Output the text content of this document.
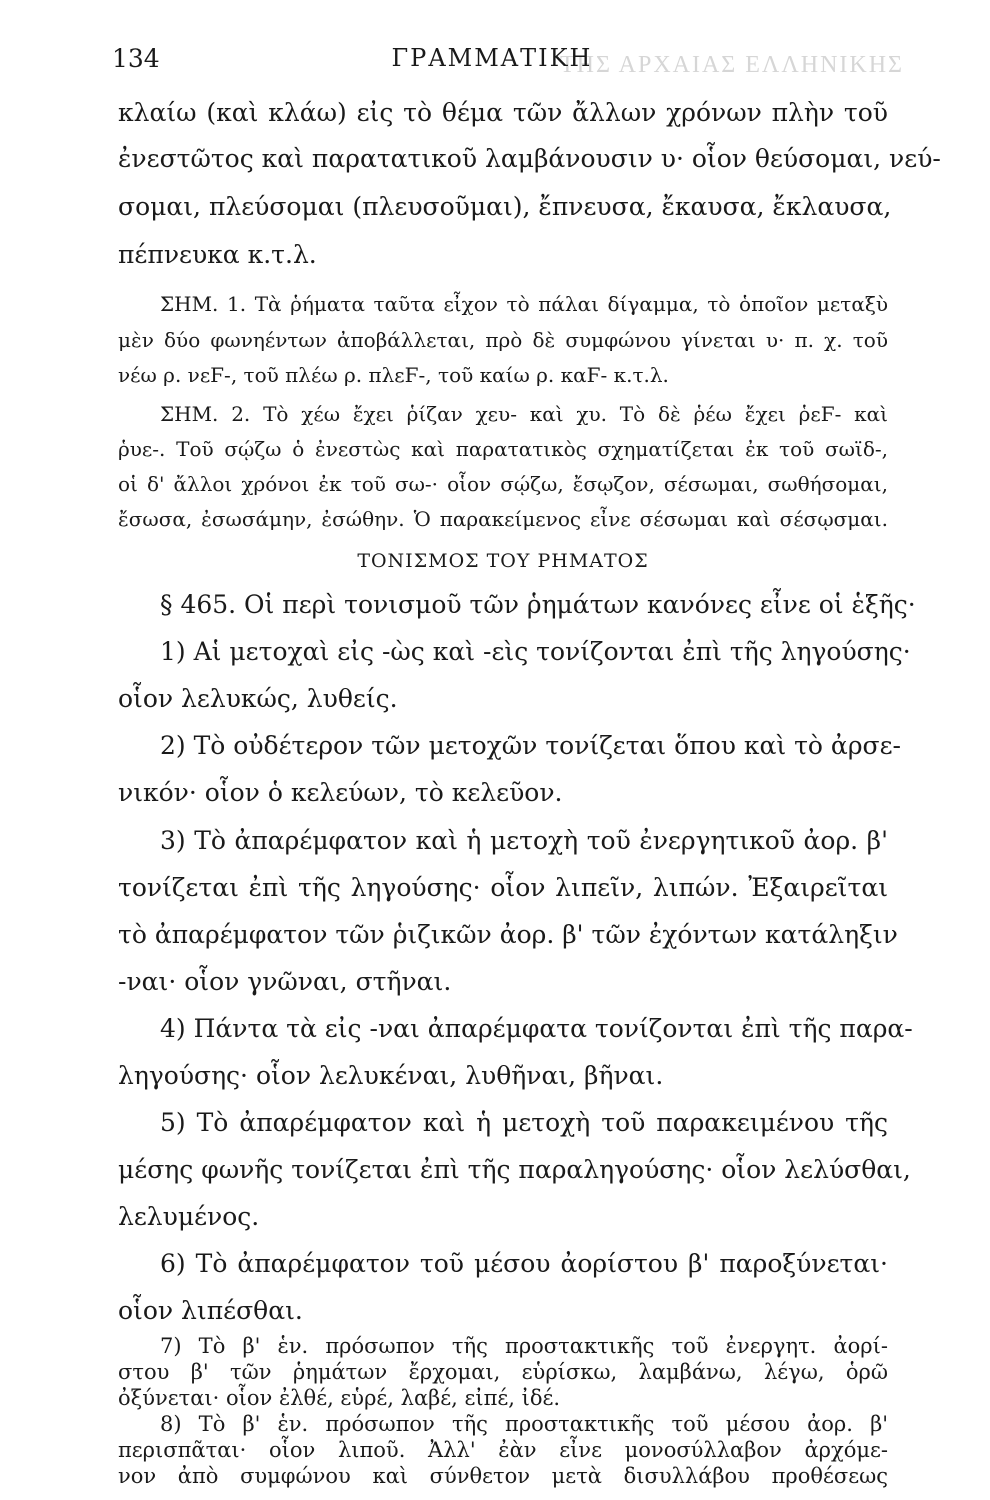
ΤΗΣ ΑΡΧΑΙΑΣ ΕΛΛΗΝΙΚΗΣ
134	ΓΡΑΜΜΑΤΙΚΗ
κλαίω (καὶ κλάω) εἰς τὸ θέμα τῶν ἄλλων χρόνων πλὴν τοῦ
ἐνεστῶτος καὶ παρατατικοῦ λαμβάνουσιν υ· οἷον θεύσομαι, νεύ-
σομαι, πλεύσομαι (πλευσοῦμαι), ἔπνευσα, ἔκαυσα, ἔκλαυσα,
πέπνευκα κ.τ.λ.
ΣΗΜ. 1. Τὰ ῥήματα ταῦτα εἶχον τὸ πάλαι δίγαμμα, τὸ ὁποῖον μεταξὺ
μὲν δύο φωνηέντων ἀποβάλλεται, πρὸ δὲ συμφώνου γίνεται υ· π. χ. τοῦ
νέω ρ. νεϜ-, τοῦ πλέω ρ. πλεϜ-, τοῦ καίω ρ. καϜ- κ.τ.λ.
ΣΗΜ. 2. Τὸ χέω ἔχει ῥίζαν χευ- καὶ χυ. Τὸ δὲ ῥέω ἔχει ῥεϜ- καὶ
ῥυε-. Τοῦ σῴζω ὁ ἐνεστὼς καὶ παρατατικὸς σχηματίζεται ἐκ τοῦ σωϊδ-,
οἱ δ' ἄλλοι χρόνοι ἐκ τοῦ σω-· οἷον σῴζω, ἔσῳζον, σέσωμαι, σωθήσομαι,
ἔσωσα, ἐσωσάμην, ἐσώθην. Ὁ παρακείμενος εἶνε σέσωμαι καὶ σέσῳσμαι.
ΤΟΝΙΣΜΟΣ ΤΟΥ ΡΗΜΑΤΟΣ
§ 465. Οἱ περὶ τονισμοῦ τῶν ῥημάτων κανόνες εἶνε οἱ ἑξῆς·
1) Αἱ μετοχαὶ εἰς -ὼς καὶ -εὶς τονίζονται ἐπὶ τῆς ληγούσης·
οἷον λελυκώς, λυθείς.
2) Τὸ οὐδέτερον τῶν μετοχῶν τονίζεται ὅπου καὶ τὸ ἀρσε-
νικόν· οἷον ὁ κελεύων, τὸ κελεῦον.
3) Τὸ ἀπαρέμφατον καὶ ἡ μετοχὴ τοῦ ἐνεργητικοῦ ἀορ. β'
τονίζεται ἐπὶ τῆς ληγούσης· οἷον λιπεῖν, λιπών. Ἐξαιρεῖται
τὸ ἀπαρέμφατον τῶν ῥιζικῶν ἀορ. β' τῶν ἐχόντων κατάληξιν
-ναι· οἷον γνῶναι, στῆναι.
4) Πάντα τὰ εἰς -ναι ἀπαρέμφατα τονίζονται ἐπὶ τῆς παρα-
ληγούσης· οἷον λελυκέναι, λυθῆναι, βῆναι.
5) Τὸ ἀπαρέμφατον καὶ ἡ μετοχὴ τοῦ παρακειμένου τῆς
μέσης φωνῆς τονίζεται ἐπὶ τῆς παραληγούσης· οἷον λελύσθαι,
λελυμένος.
6) Τὸ ἀπαρέμφατον τοῦ μέσου ἀορίστου β' παροξύνεται·
οἷον λιπέσθαι.
7) Τὸ β' ἑν. πρόσωπον τῆς προστακτικῆς τοῦ ἐνεργητ. ἀορί-
στου β' τῶν ῥημάτων ἔρχομαι, εὑρίσκω, λαμβάνω, λέγω, ὁρῶ
ὀξύνεται· οἷον ἐλθέ, εὑρέ, λαβέ, εἰπέ, ἰδέ.
8) Τὸ β' ἑν. πρόσωπον τῆς προστακτικῆς τοῦ μέσου ἀορ. β'
περισπᾶται· οἷον λιποῦ. Ἀλλ' ἐὰν εἶνε μονοσύλλαβον ἀρχόμε-
νον ἀπὸ συμφώνου καὶ σύνθετον μετὰ δισυλλάβου προθέσεως
